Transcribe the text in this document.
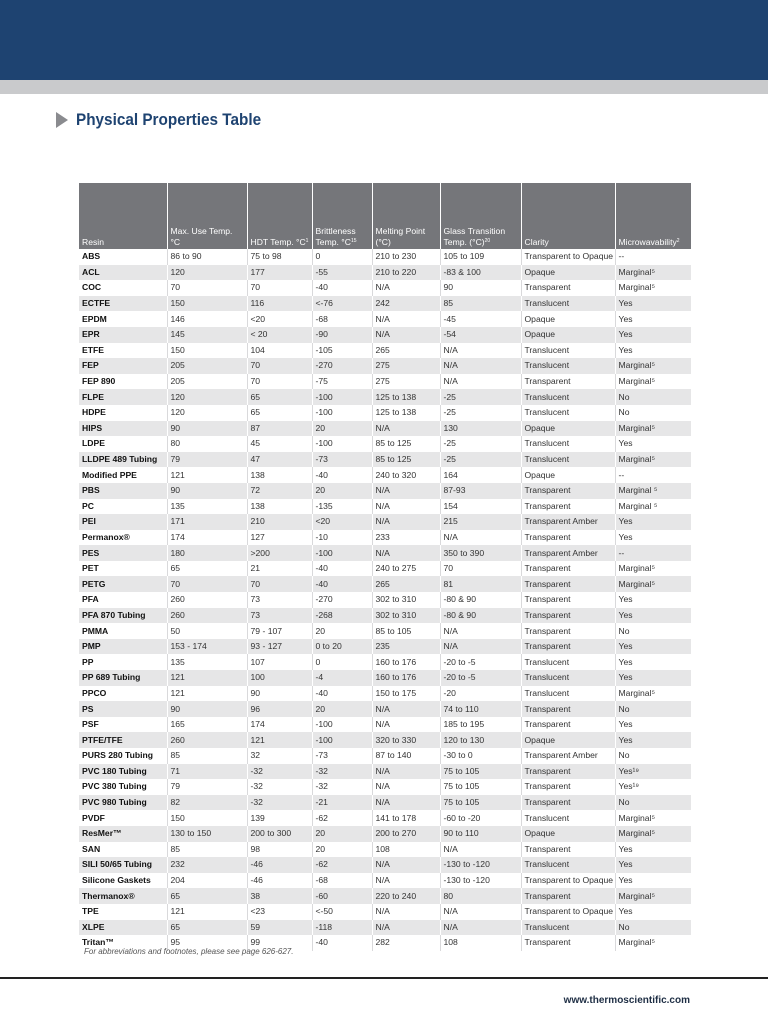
Physical Properties Table
Resin	Max. Use Temp. °C	HDT Temp. $^\circ C^1$	Brittleness Temp. $^\circ C^{15}$	Melting Point (°C)	Glass Transition Temp. $(^\circ C)^{20}$	Clarity	Microwavability$^2$
ABS	86 to 90	75 to 98	0	210 to 230	105 to 109	Transparent to Opaque	--
ACL	120	177	-55	210 to 220	-83 & 100	Opaque	Marginal⁵
COC	70	70	-40	N/A	90	Transparent	Marginal⁵
ECTFE	150	116	<-76	242	85	Translucent	Yes
EPDM	146	<20	-68	N/A	-45	Opaque	Yes
EPR	145	< 20	-90	N/A	-54	Opaque	Yes
ETFE	150	104	-105	265	N/A	Translucent	Yes
FEP	205	70	-270	275	N/A	Translucent	Marginal⁵
FEP 890	205	70	-75	275	N/A	Transparent	Marginal⁵
FLPE	120	65	-100	125 to 138	-25	Translucent	No
HDPE	120	65	-100	125 to 138	-25	Translucent	No
HIPS	90	87	20	N/A	130	Opaque	Marginal⁵
LDPE	80	45	-100	85 to 125	-25	Translucent	Yes
LLDPE 489 Tubing	79	47	-73	85 to 125	-25	Translucent	Marginal⁵
Modified PPE	121	138	-40	240 to 320	164	Opaque	--
PBS	90	72	20	N/A	87-93	Transparent	Marginal ⁵
PC	135	138	-135	N/A	154	Transparent	Marginal ⁵
PEI	171	210	<20	N/A	215	Transparent Amber	Yes
Permanox®	174	127	-10	233	N/A	Transparent	Yes
PES	180	>200	-100	N/A	350 to 390	Transparent Amber	--
PET	65	21	-40	240 to 275	70	Transparent	Marginal⁵
PETG	70	70	-40	265	81	Transparent	Marginal⁵
PFA	260	73	-270	302 to 310	-80 & 90	Transparent	Yes
PFA 870 Tubing	260	73	-268	302 to 310	-80 & 90	Transparent	Yes
PMMA	50	79 - 107	20	85 to 105	N/A	Transparent	No
PMP	153 - 174	93 - 127	0 to 20	235	N/A	Transparent	Yes
PP	135	107	0	160 to 176	-20 to -5	Translucent	Yes
PP 689 Tubing	121	100	-4	160 to 176	-20 to -5	Translucent	Yes
PPCO	121	90	-40	150 to 175	-20	Translucent	Marginal⁵
PS	90	96	20	N/A	74 to 110	Transparent	No
PSF	165	174	-100	N/A	185 to 195	Transparent	Yes
PTFE/TFE	260	121	-100	320 to 330	120 to 130	Opaque	Yes
PURS 280 Tubing	85	32	-73	87 to 140	-30 to 0	Transparent Amber	No
PVC 180 Tubing	71	-32	-32	N/A	75 to 105	Transparent	Yes¹⁹
PVC 380 Tubing	79	-32	-32	N/A	75 to 105	Transparent	Yes¹⁹
PVC 980 Tubing	82	-32	-21	N/A	75 to 105	Transparent	No
PVDF	150	139	-62	141 to 178	-60 to -20	Translucent	Marginal⁵
ResMer™	130 to 150	200 to 300	20	200 to 270	90 to 110	Opaque	Marginal⁵
SAN	85	98	20	108	N/A	Transparent	Yes
SILI 50/65 Tubing	232	-46	-62	N/A	-130 to -120	Translucent	Yes
Silicone Gaskets	204	-46	-68	N/A	-130 to -120	Transparent to Opaque	Yes
Thermanox®	65	38	-60	220 to 240	80	Transparent	Marginal⁵
TPE	121	<23	<-50	N/A	N/A	Transparent to Opaque	Yes
XLPE	65	59	-118	N/A	N/A	Translucent	No
Tritan™	95	99	-40	282	108	Transparent	Marginal⁵
For abbreviations and footnotes, please see page 626-627.
www.thermoscientific.com
